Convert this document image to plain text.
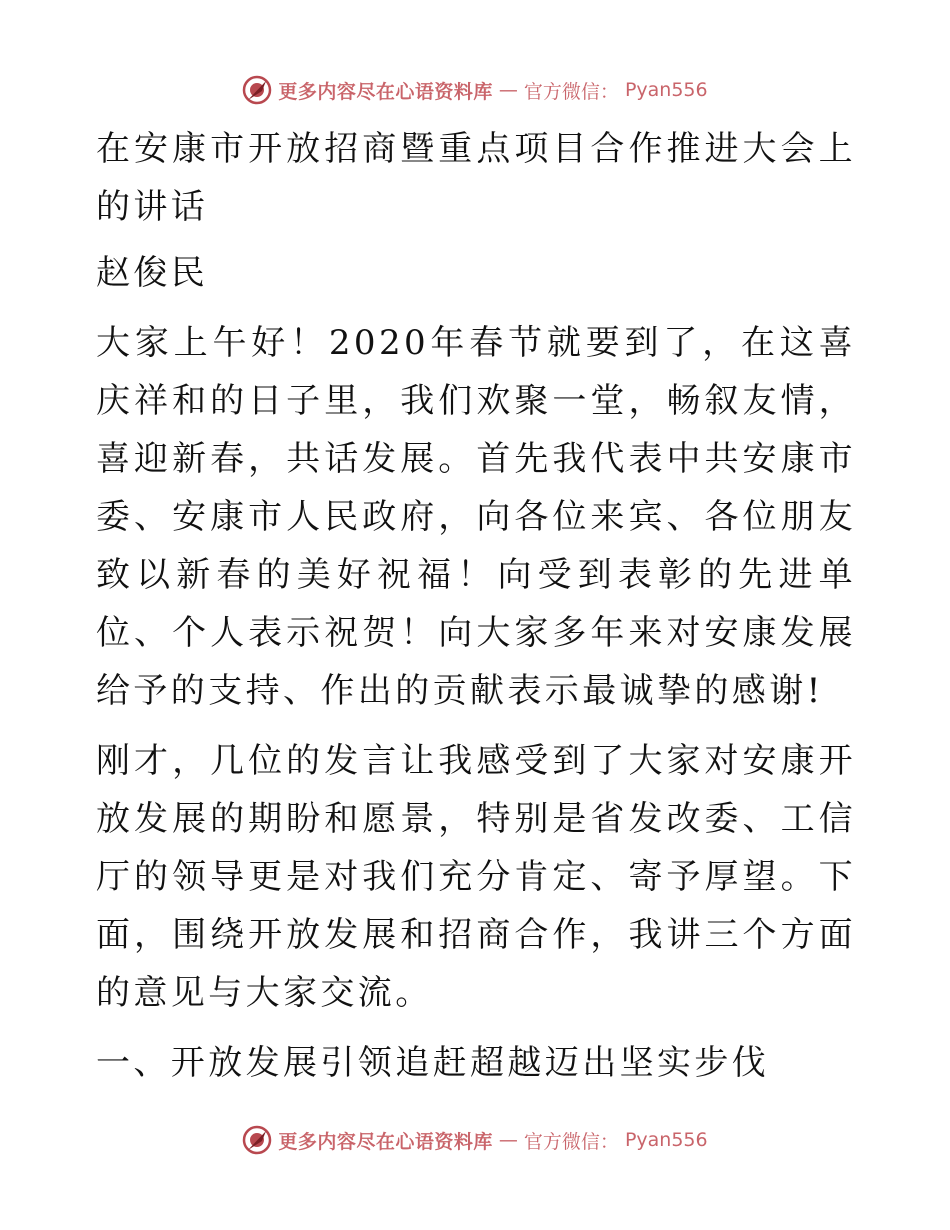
更多内容尽在心语资料库 — 官方微信： Pyan556

在安康市开放招商暨重点项目合作推进大会上的讲话

赵俊民

大家上午好！2020年春节就要到了，在这喜庆祥和的日子里，我们欢聚一堂，畅叙友情，喜迎新春，共话发展。首先我代表中共安康市委、安康市人民政府，向各位来宾、各位朋友致以新春的美好祝福！向受到表彰的先进单位、个人表示祝贺！向大家多年来对安康发展给予的支持、作出的贡献表示最诚挚的感谢!

刚才，几位的发言让我感受到了大家对安康开放发展的期盼和愿景，特别是省发改委、工信厅的领导更是对我们充分肯定、寄予厚望。下面，围绕开放发展和招商合作，我讲三个方面的意见与大家交流。

一、开放发展引领追赶超越迈出坚实步伐

更多内容尽在心语资料库 — 官方微信： Pyan556
